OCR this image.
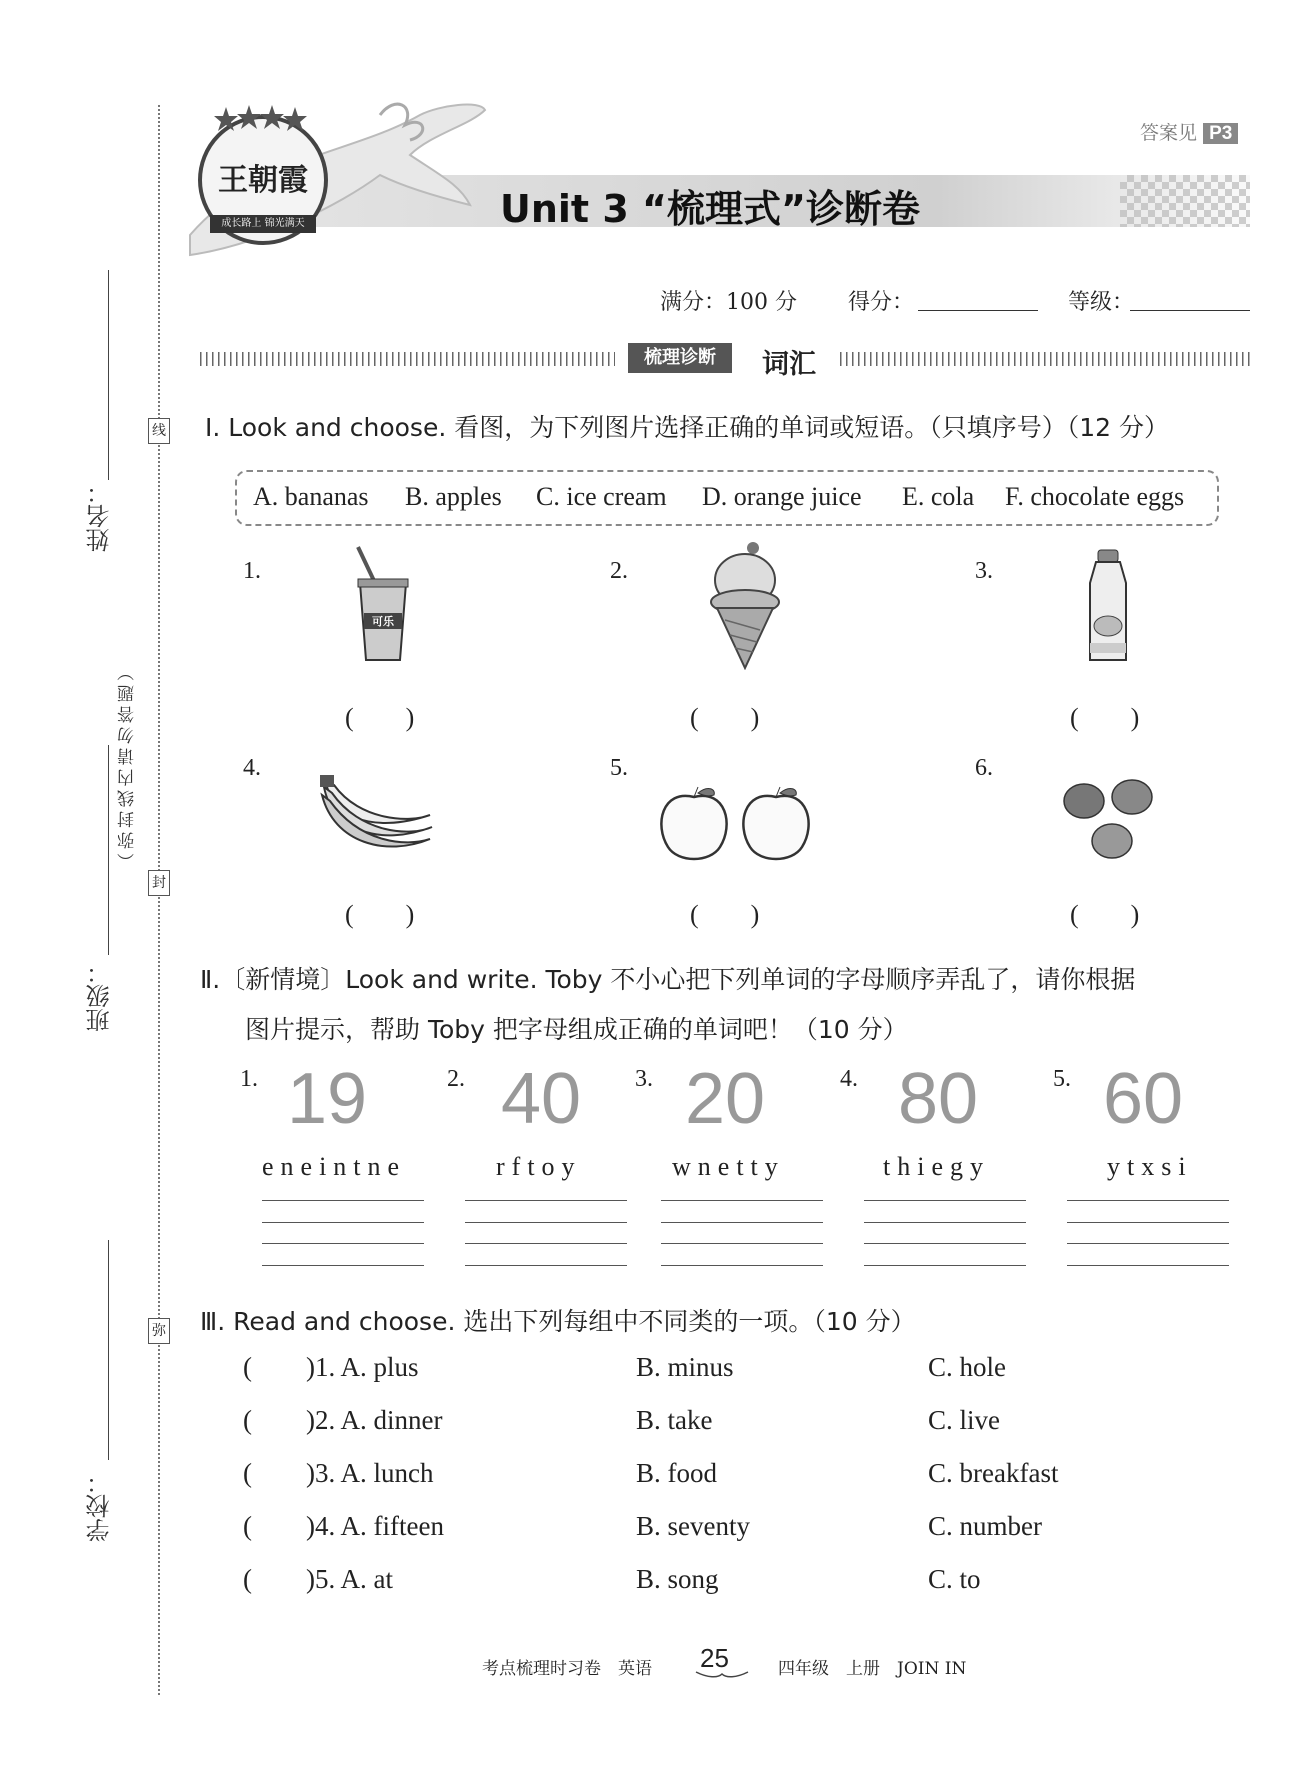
线
封
弥
（弥封线内请勿答题）
姓名：
班级：
学校：
答案见 P3
王朝霞
成长路上 锦光满天	Unit 3 “梳理式”诊断卷
满分：100 分 得分：	等级：
梳理诊断	词汇
Ⅰ. Look and choose. 看图，为下列图片选择正确的单词或短语。（只填序号）（12 分）
A. bananas B. apples C. ice cream D. orange juice E. cola F. chocolate eggs
1.
可乐
(        )
2.
(        )
3.
(        )
4.
(        )
5.
(        )
6.
(        )
Ⅱ.〔新情境〕Look and write. Toby 不小心把下列单词的字母顺序弄乱了，请你根据
图片提示，帮助 Toby 把字母组成正确的单词吧！（10 分）
1. 19
eneintne
2. 40
rftoy
3. 20
wnetty
4. 80
thiegy
5. 60
ytxsi
Ⅲ. Read and choose. 选出下列每组中不同类的一项。（10 分）
(        )1. A. plus	B. minus	C. hole
(        )2. A. dinner	B. take	C. live
(        )3. A. lunch	B. food	C. breakfast
(        )4. A. fifteen	B. seventy	C. number
(        )5. A. at	B. song	C. to
考点梳理时习卷　英语 25	四年级　上册　JOIN IN
